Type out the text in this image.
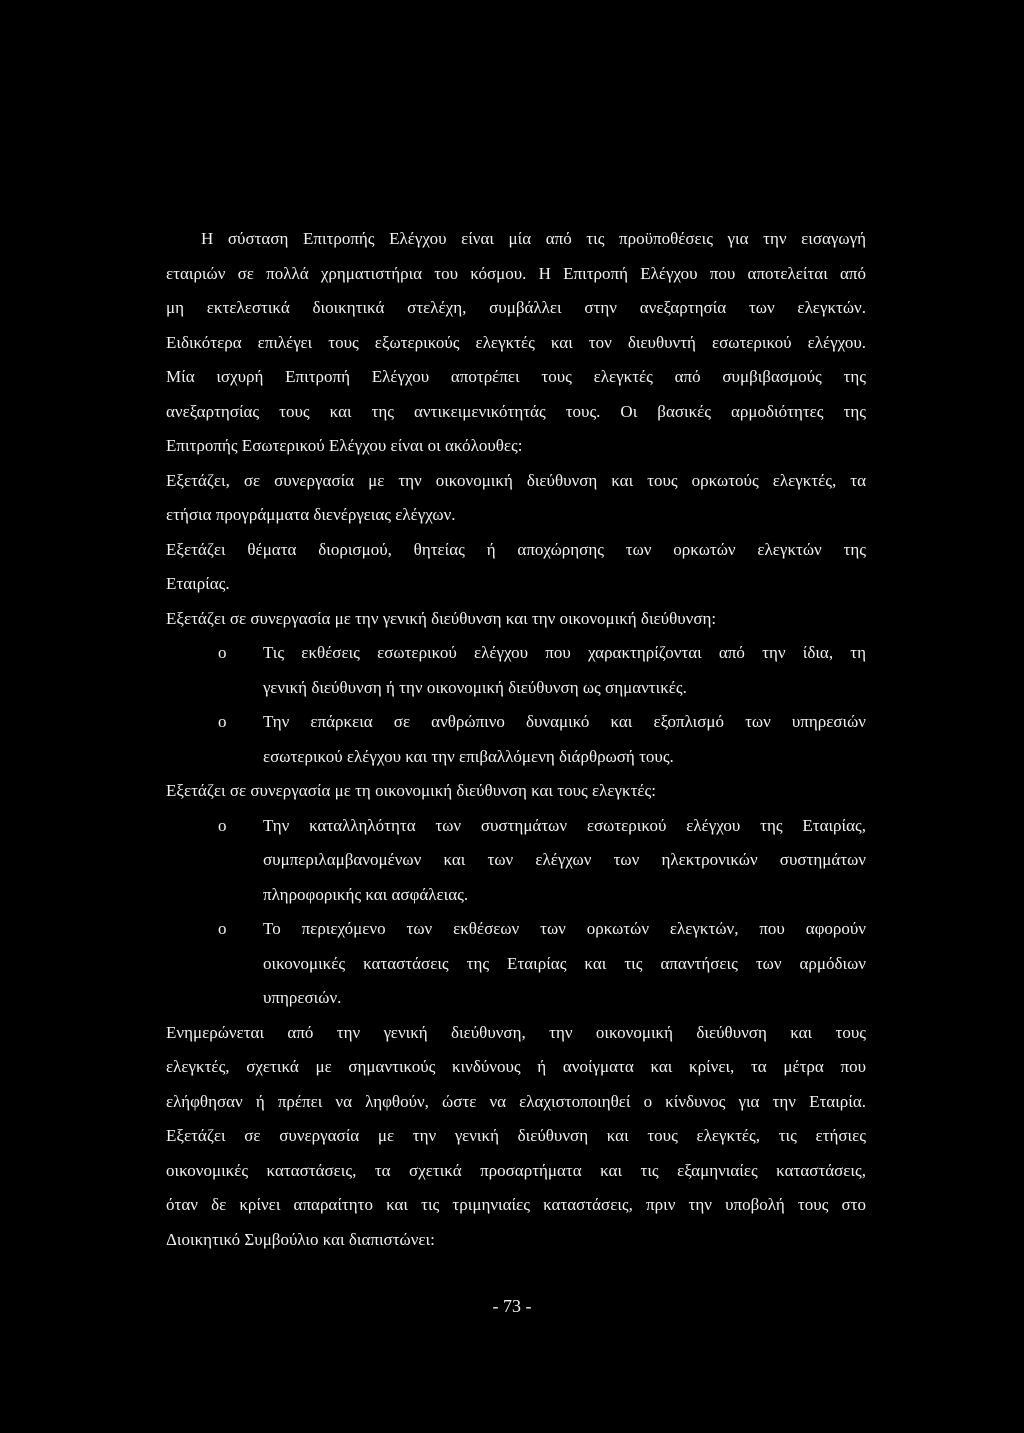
Η σύσταση Επιτροπής Ελέγχου είναι μία από τις προϋποθέσεις για την εισαγωγή
εταιριών σε πολλά χρηματιστήρια του κόσμου. Η Επιτροπή Ελέγχου που αποτελείται από
μη εκτελεστικά διοικητικά στελέχη, συμβάλλει στην ανεξαρτησία των ελεγκτών.
Ειδικότερα επιλέγει τους εξωτερικούς ελεγκτές και τον διευθυντή εσωτερικού ελέγχου.
Μία ισχυρή Επιτροπή Ελέγχου αποτρέπει τους ελεγκτές από συμβιβασμούς της
ανεξαρτησίας τους και της αντικειμενικότητάς τους. Οι βασικές αρμοδιότητες της
Επιτροπής Εσωτερικού Ελέγχου είναι οι ακόλουθες:
Εξετάζει, σε συνεργασία με την οικονομική διεύθυνση και τους ορκωτούς ελεγκτές, τα
ετήσια προγράμματα διενέργειας ελέγχων.
Εξετάζει θέματα διορισμού, θητείας ή αποχώρησης των ορκωτών ελεγκτών της
Εταιρίας.
Εξετάζει σε συνεργασία με την γενική διεύθυνση και την οικονομική διεύθυνση:
o Τις εκθέσεις εσωτερικού ελέγχου που χαρακτηρίζονται από την ίδια, τη
γενική διεύθυνση ή την οικονομική διεύθυνση ως σημαντικές.
o Την επάρκεια σε ανθρώπινο δυναμικό και εξοπλισμό των υπηρεσιών
εσωτερικού ελέγχου και την επιβαλλόμενη διάρθρωσή τους.
Εξετάζει σε συνεργασία με τη οικονομική διεύθυνση και τους ελεγκτές:
o Την καταλληλότητα των συστημάτων εσωτερικού ελέγχου της Εταιρίας,
συμπεριλαμβανομένων και των ελέγχων των ηλεκτρονικών συστημάτων
πληροφορικής και ασφάλειας.
o Το περιεχόμενο των εκθέσεων των ορκωτών ελεγκτών, που αφορούν
οικονομικές καταστάσεις της Εταιρίας και τις απαντήσεις των αρμόδιων
υπηρεσιών.
Ενημερώνεται από την γενική διεύθυνση, την οικονομική διεύθυνση και τους
ελεγκτές, σχετικά με σημαντικούς κινδύνους ή ανοίγματα και κρίνει, τα μέτρα που
ελήφθησαν ή πρέπει να ληφθούν, ώστε να ελαχιστοποιηθεί ο κίνδυνος για την Εταιρία.
Εξετάζει σε συνεργασία με την γενική διεύθυνση και τους ελεγκτές, τις ετήσιες
οικονομικές καταστάσεις, τα σχετικά προσαρτήματα και τις εξαμηνιαίες καταστάσεις,
όταν δε κρίνει απαραίτητο και τις τριμηνιαίες καταστάσεις, πριν την υποβολή τους στο
Διοικητικό Συμβούλιο και διαπιστώνει:
- 73 -
